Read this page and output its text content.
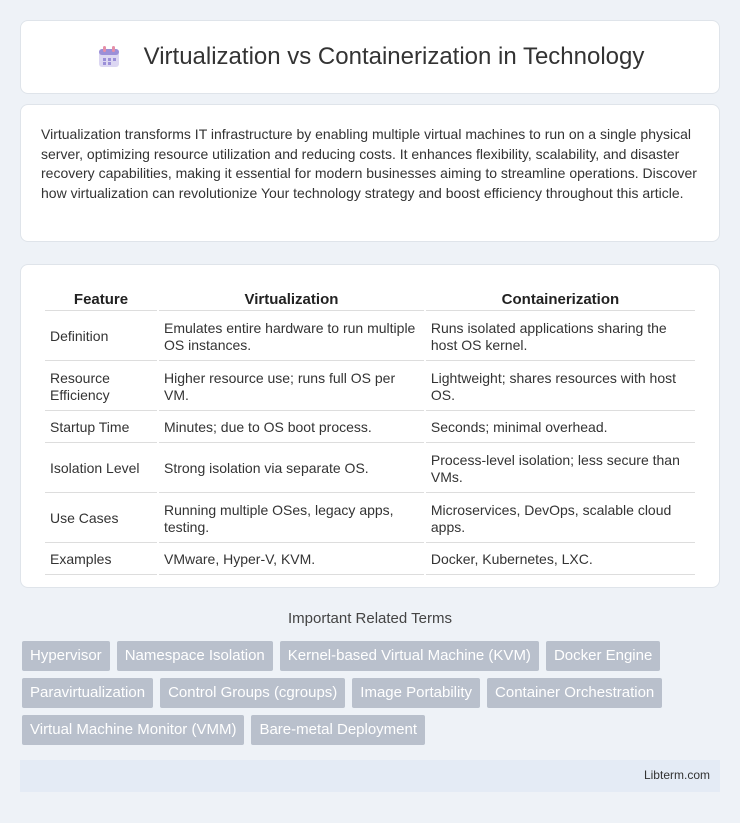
Virtualization vs Containerization in Technology

Virtualization transforms IT infrastructure by enabling multiple virtual machines to run on a single physical server, optimizing resource utilization and reducing costs. It enhances flexibility, scalability, and disaster recovery capabilities, making it essential for modern businesses aiming to streamline operations. Discover how virtualization can revolutionize Your technology strategy and boost efficiency throughout this article.

Feature	Virtualization	Containerization
Definition	Emulates entire hardware to run multiple OS instances.	Runs isolated applications sharing the host OS kernel.
Resource Efficiency	Higher resource use; runs full OS per VM.	Lightweight; shares resources with host OS.
Startup Time	Minutes; due to OS boot process.	Seconds; minimal overhead.
Isolation Level	Strong isolation via separate OS.	Process-level isolation; less secure than VMs.
Use Cases	Running multiple OSes, legacy apps, testing.	Microservices, DevOps, scalable cloud apps.
Examples	VMware, Hyper-V, KVM.	Docker, Kubernetes, LXC.
Important Related Terms
Hypervisor	Namespace Isolation	Kernel-based Virtual Machine (KVM)	Docker Engine
Paravirtualization	Control Groups (cgroups)	Image Portability	Container Orchestration
Virtual Machine Monitor (VMM)	Bare-metal Deployment
Libterm.com
